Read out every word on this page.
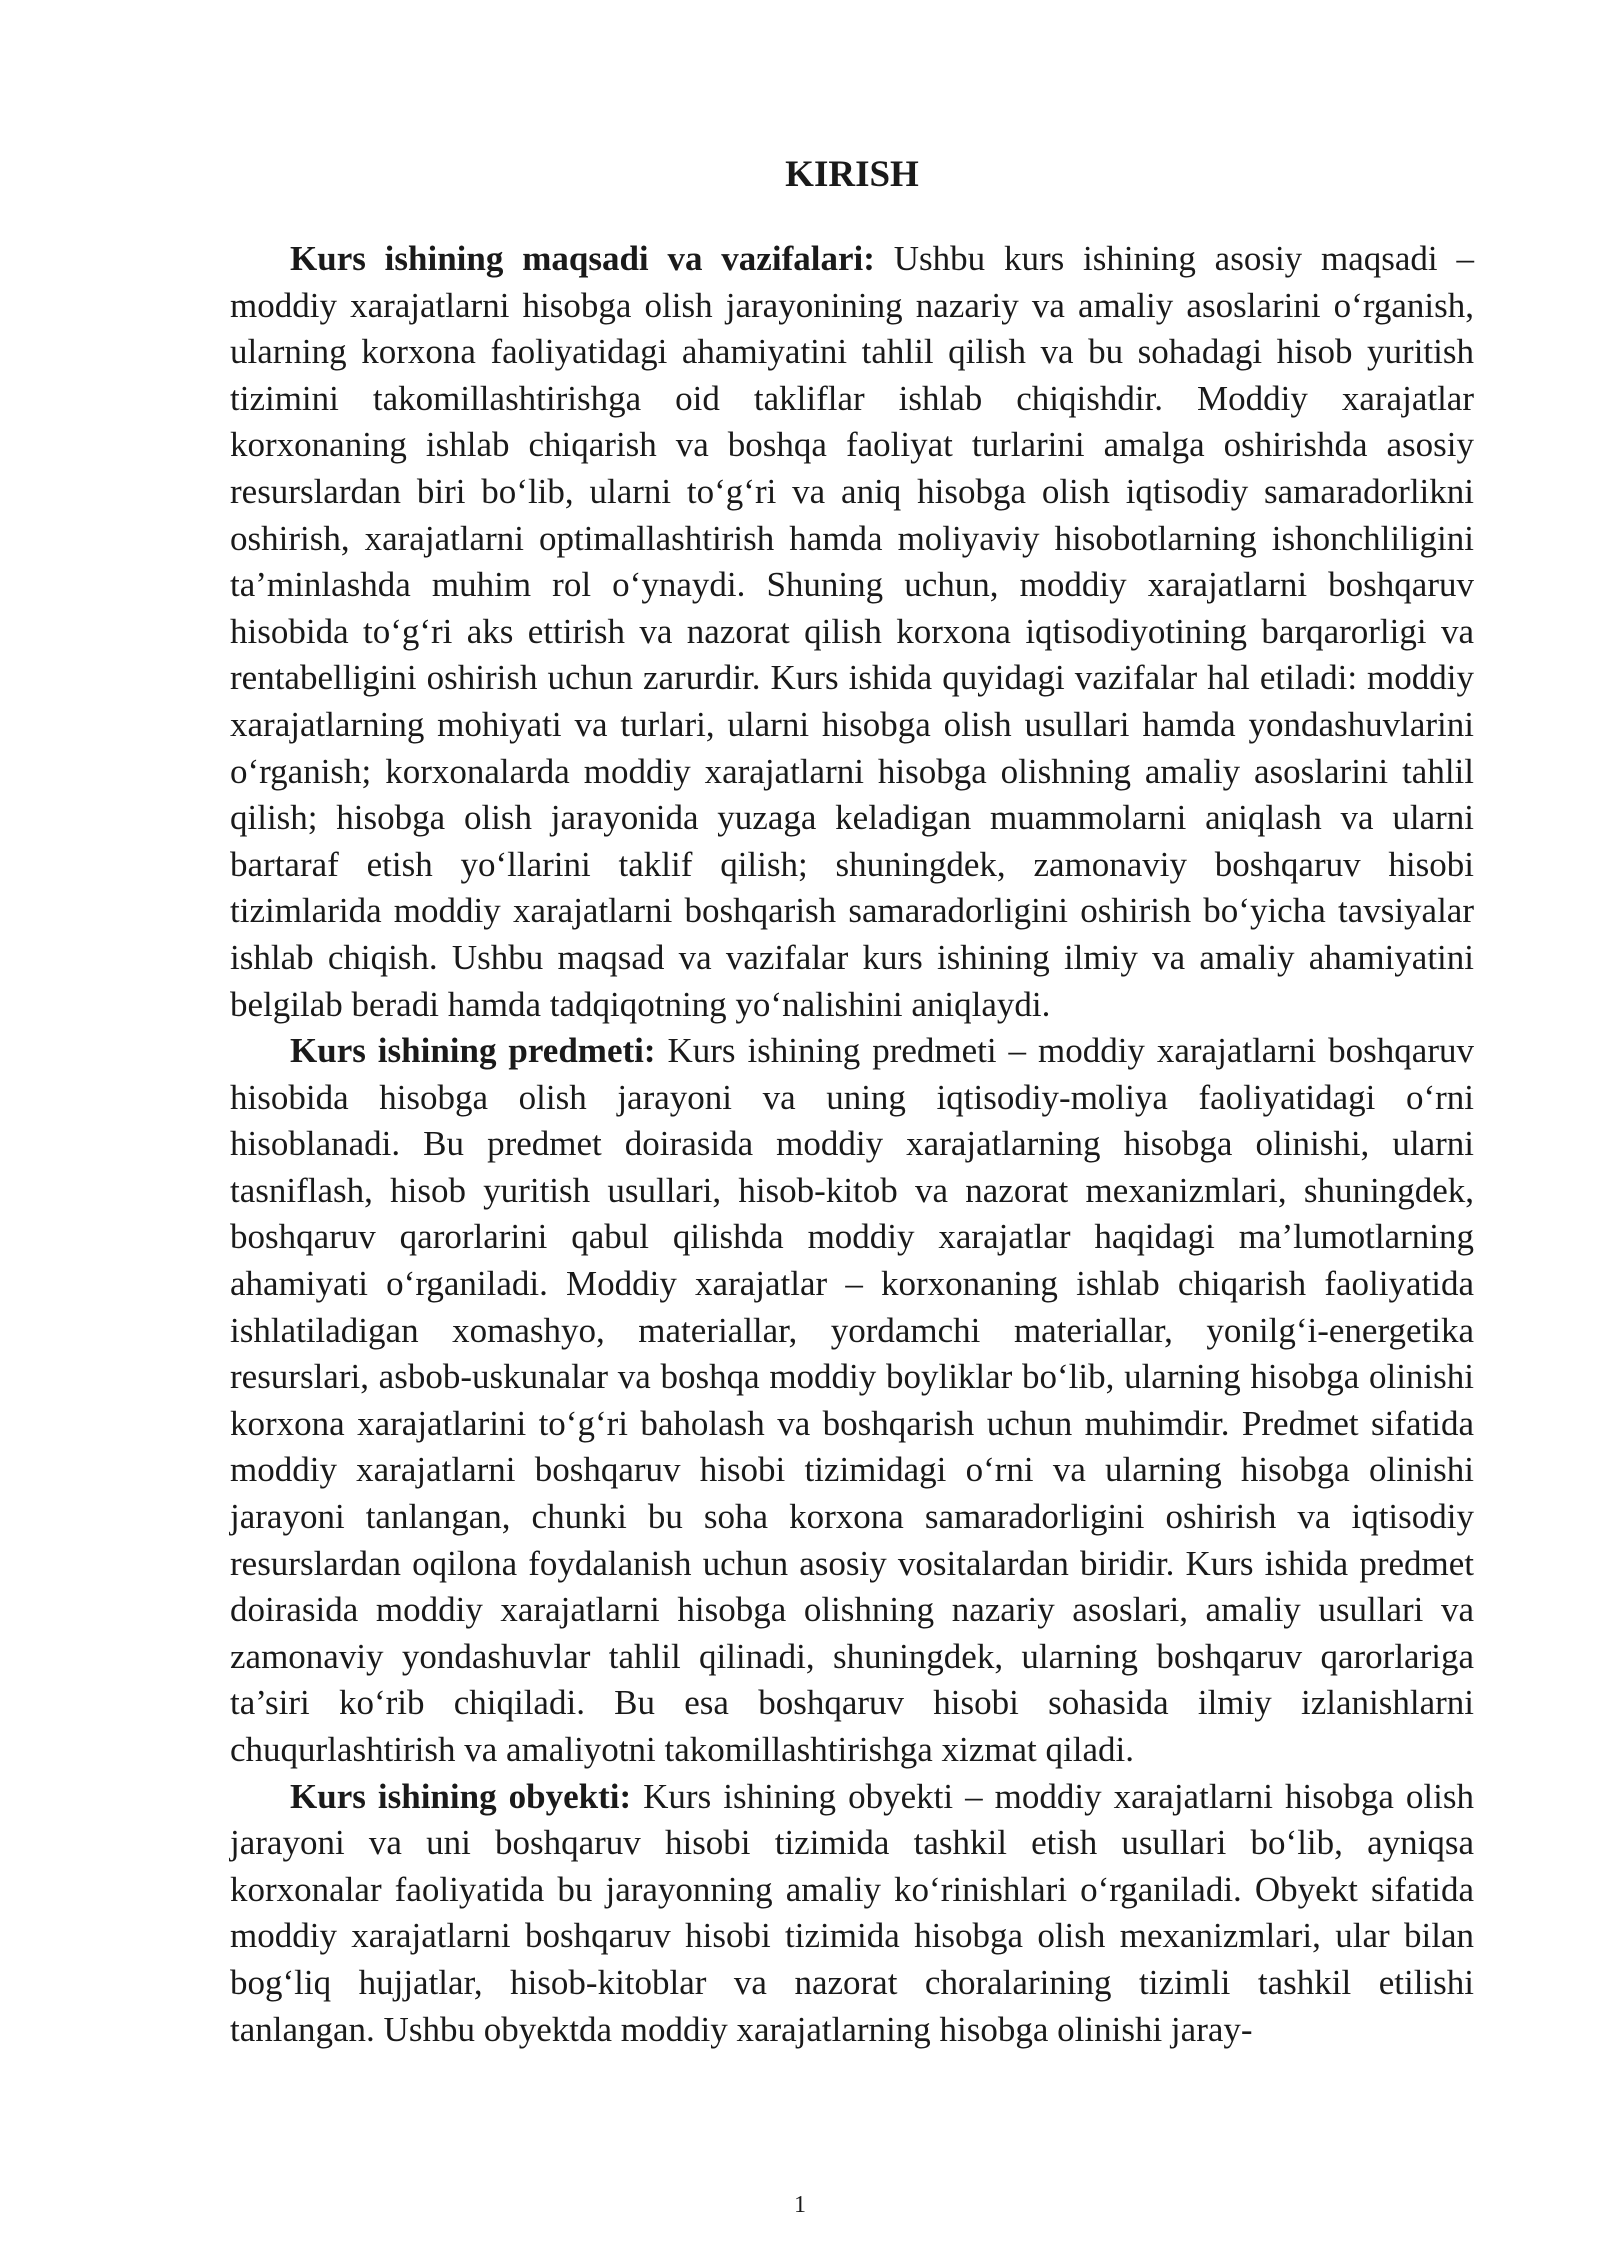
KIRISH

Kurs ishining maqsadi va vazifalari: Ushbu kurs ishining asosiy maqsadi – moddiy xarajatlarni hisobga olish jarayonining nazariy va amaliy asoslarini o‘rganish, ularning korxona faoliyatidagi ahamiyatini tahlil qilish va bu sohadagi hisob yuritish tizimini takomillashtirishga oid takliflar ishlab chiqishdir. Moddiy xarajatlar korxonaning ishlab chiqarish va boshqa faoliyat turlarini amalga oshirishda asosiy resurslardan biri bo‘lib, ularni to‘g‘ri va aniq hisobga olish iqtisodiy samaradorlikni oshirish, xarajatlarni optimallashtirish hamda moliyaviy hisobotlarning ishonchliligini ta’minlashda muhim rol o‘ynaydi. Shuning uchun, moddiy xarajatlarni boshqaruv hisobida to‘g‘ri aks ettirish va nazorat qilish korxona iqtisodiyotining barqarorligi va rentabelligini oshirish uchun zarurdir. Kurs ishida quyidagi vazifalar hal etiladi: moddiy xarajatlarning mohiyati va turlari, ularni hisobga olish usullari hamda yondashuvlarini o‘rganish; korxonalarda moddiy xarajatlarni hisobga olishning amaliy asoslarini tahlil qilish; hisobga olish jarayonida yuzaga keladigan muammolarni aniqlash va ularni bartaraf etish yo‘llarini taklif qilish; shuningdek, zamonaviy boshqaruv hisobi tizimlarida moddiy xarajatlarni boshqarish samaradorligini oshirish bo‘yicha tavsiyalar ishlab chiqish. Ushbu maqsad va vazifalar kurs ishining ilmiy va amaliy ahamiyatini belgilab beradi hamda tadqiqotning yo‘nalishini aniqlaydi.

Kurs ishining predmeti: Kurs ishining predmeti – moddiy xarajatlarni boshqaruv hisobida hisobga olish jarayoni va uning iqtisodiy-moliya faoliyatidagi o‘rni hisoblanadi. Bu predmet doirasida moddiy xarajatlarning hisobga olinishi, ularni tasniflash, hisob yuritish usullari, hisob-kitob va nazorat mexanizmlari, shuningdek, boshqaruv qarorlarini qabul qilishda moddiy xarajatlar haqidagi ma’lumotlarning ahamiyati o‘rganiladi. Moddiy xarajatlar – korxonaning ishlab chiqarish faoliyatida ishlatiladigan xomashyo, materiallar, yordamchi materiallar, yonilg‘i-energetika resurslari, asbob-uskunalar va boshqa moddiy boyliklar bo‘lib, ularning hisobga olinishi korxona xarajatlarini to‘g‘ri baholash va boshqarish uchun muhimdir. Predmet sifatida moddiy xarajatlarni boshqaruv hisobi tizimidagi o‘rni va ularning hisobga olinishi jarayoni tanlangan, chunki bu soha korxona samaradorligini oshirish va iqtisodiy resurslardan oqilona foydalanish uchun asosiy vositalardan biridir. Kurs ishida predmet doirasida moddiy xarajatlarni hisobga olishning nazariy asoslari, amaliy usullari va zamonaviy yondashuvlar tahlil qilinadi, shuningdek, ularning boshqaruv qarorlariga ta’siri ko‘rib chiqiladi. Bu esa boshqaruv hisobi sohasida ilmiy izlanishlarni chuqurlashtirish va amaliyotni takomillashtirishga xizmat qiladi.

Kurs ishining obyekti: Kurs ishining obyekti – moddiy xarajatlarni hisobga olish jarayoni va uni boshqaruv hisobi tizimida tashkil etish usullari bo‘lib, ayniqsa korxonalar faoliyatida bu jarayonning amaliy ko‘rinishlari o‘rganiladi. Obyekt sifatida moddiy xarajatlarni boshqaruv hisobi tizimida hisobga olish mexanizmlari, ular bilan bog‘liq hujjatlar, hisob-kitoblar va nazorat choralarining tizimli tashkil etilishi tanlangan. Ushbu obyektda moddiy xarajatlarning hisobga olinishi jaray-

1
